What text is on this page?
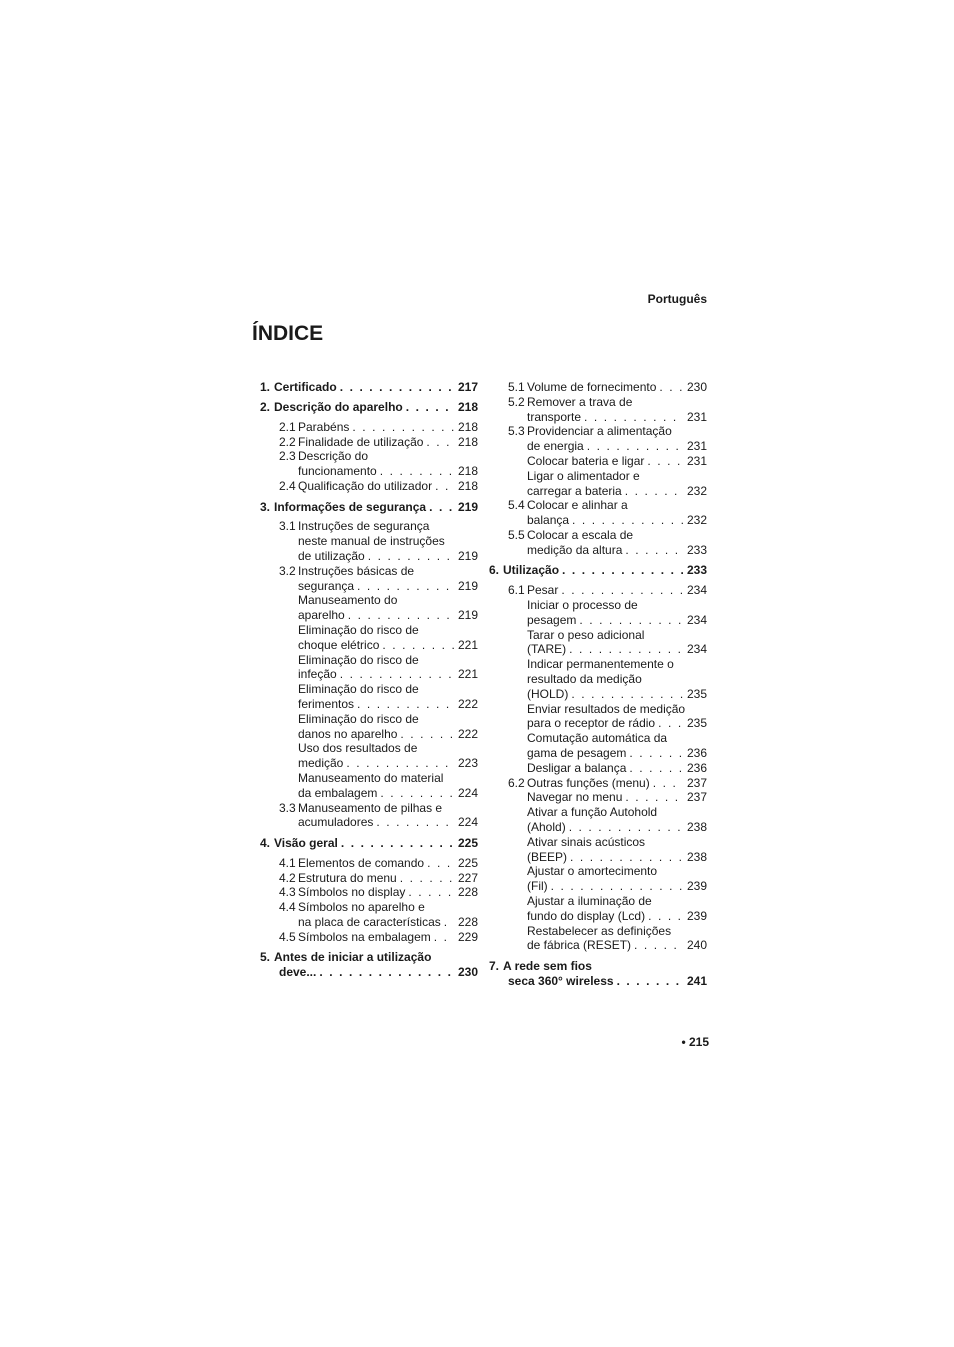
Português
ÍNDICE
1. Certificado . . .	217
2. Descrição do aparelho . . .	218
2.1 Parabéns . . .	218
2.2 Finalidade de utilização . . .	218
2.3 Descrição do
funcionamento . . .	218
2.4 Qualificação do utilizador . . .	218
3. Informações de segurança . . .	219
3.1 Instruções de segurança
neste manual de instruções
de utilização . . .	219
3.2 Instruções básicas de
segurança . . .	219
Manuseamento do
aparelho . . .	219
Eliminação do risco de
choque elétrico . . .	221
Eliminação do risco de
infeção . . .	221
Eliminação do risco de
ferimentos . . .	222
Eliminação do risco de
danos no aparelho . . .	222
Uso dos resultados de
medição . . .	223
Manuseamento do material
da embalagem . . .	224
3.3 Manuseamento de pilhas e
acumuladores . . .	224
4. Visão geral . . .	225
4.1 Elementos de comando . . .	225
4.2 Estrutura do menu . . .	227
4.3 Símbolos no display . . .	228
4.4 Símbolos no aparelho e
na placa de características . . .	228
4.5 Símbolos na embalagem . . .	229
5. Antes de iniciar a utilização
deve... . . .	230
5.1 Volume de fornecimento . . .	230
5.2 Remover a trava de
transporte . . .	231
5.3 Providenciar a alimentação
de energia . . .	231
Colocar bateria e ligar . . .	231
Ligar o alimentador e
carregar a bateria . . .	232
5.4 Colocar e alinhar a
balança . . .	232
5.5 Colocar a escala de
medição da altura . . .	233
6. Utilização . . .	233
6.1 Pesar . . .	234
Iniciar o processo de
pesagem . . .	234
Tarar o peso adicional
(TARE) . . .	234
Indicar permanentemente o
resultado da medição
(HOLD) . . .	235
Enviar resultados de medição
para o receptor de rádio . . .	235
Comutação automática da
gama de pesagem . . .	236
Desligar a balança . . .	236
6.2 Outras funções (menu) . . .	237
Navegar no menu . . .	237
Ativar a função Autohold
(Ahold) . . .	238
Ativar sinais acústicos
(BEEP) . . .	238
Ajustar o amortecimento
(Fil) . . .	239
Ajustar a iluminação de
fundo do display (Lcd) . . .	239
Restabelecer as definições
de fábrica (RESET) . . .	240
7. A rede sem fios
seca 360° wireless . . .	241
• 215
